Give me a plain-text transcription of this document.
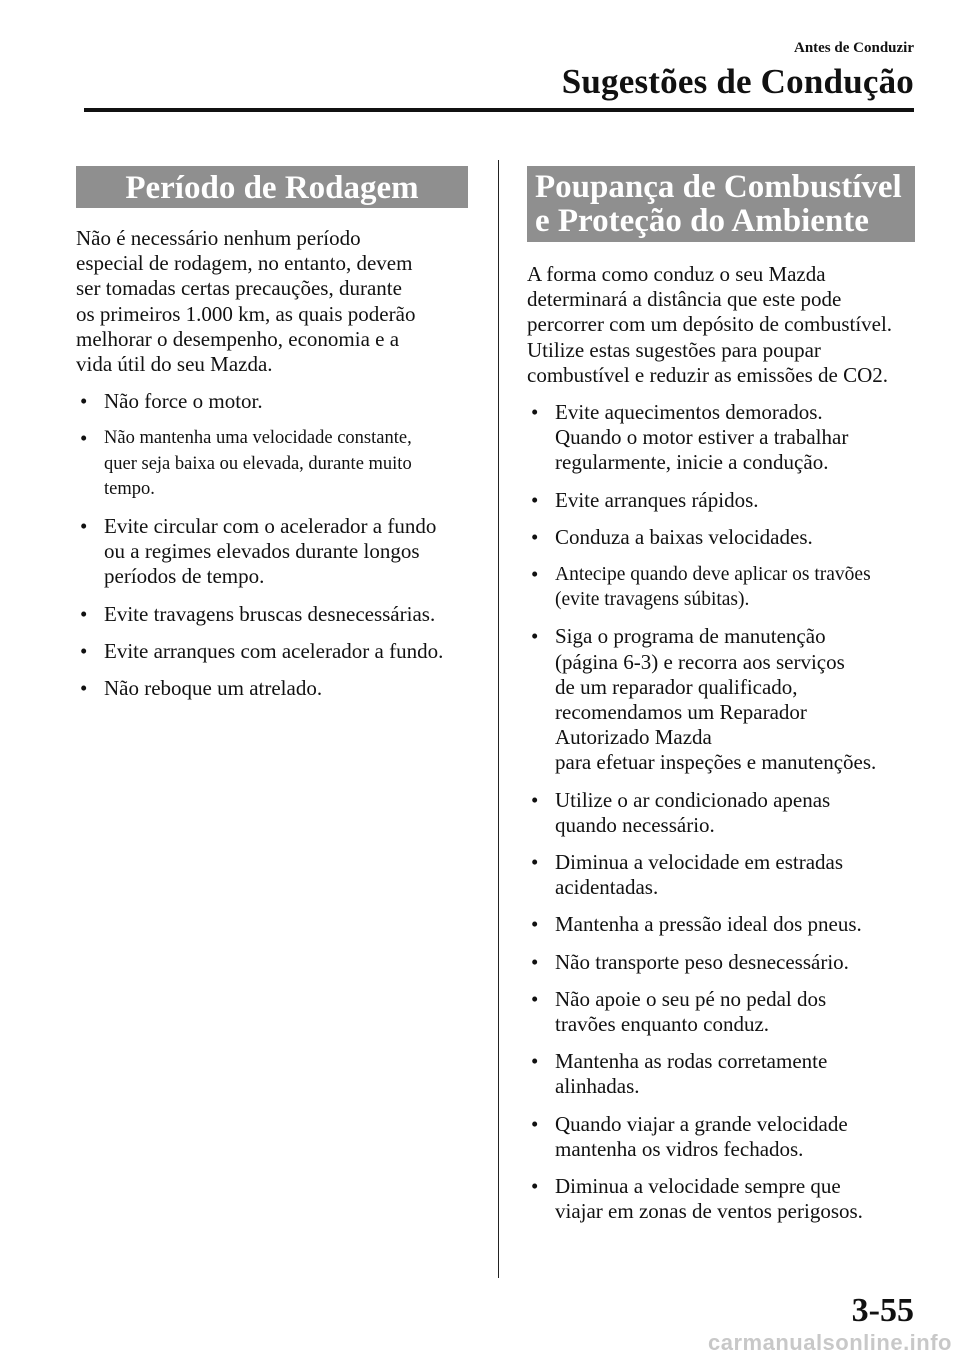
Antes de Conduzir
Sugestões de Condução
Período de Rodagem

Não é necessário nenhum período
especial de rodagem, no entanto, devem
ser tomadas certas precauções, durante
os primeiros 1.000 km, as quais poderão
melhorar o desempenho, economia e a
vida útil do seu Mazda.

• Não force o motor.
• Não mantenha uma velocidade constante,
quer seja baixa ou elevada, durante muito
tempo.
• Evite circular com o acelerador a fundo
ou a regimes elevados durante longos
períodos de tempo.
• Evite travagens bruscas desnecessárias.
• Evite arranques com acelerador a fundo.
• Não reboque um atrelado.
Poupança de Combustível
e Proteção do Ambiente

A forma como conduz o seu Mazda
determinará a distância que este pode
percorrer com um depósito de combustível.
Utilize estas sugestões para poupar
combustível e reduzir as emissões de CO2.

• Evite aquecimentos demorados.
Quando o motor estiver a trabalhar
regularmente, inicie a condução.
• Evite arranques rápidos.
• Conduza a baixas velocidades.
• Antecipe quando deve aplicar os travões
(evite travagens súbitas).
• Siga o programa de manutenção
(página 6-3) e recorra aos serviços
de um reparador qualificado,
recomendamos um Reparador
Autorizado Mazda
para efetuar inspeções e manutenções.
• Utilize o ar condicionado apenas
quando necessário.
• Diminua a velocidade em estradas
acidentadas.
• Mantenha a pressão ideal dos pneus.
• Não transporte peso desnecessário.
• Não apoie o seu pé no pedal dos
travões enquanto conduz.
• Mantenha as rodas corretamente
alinhadas.
• Quando viajar a grande velocidade
mantenha os vidros fechados.
• Diminua a velocidade sempre que
viajar em zonas de ventos perigosos.
3-55
carmanualsonline.info
